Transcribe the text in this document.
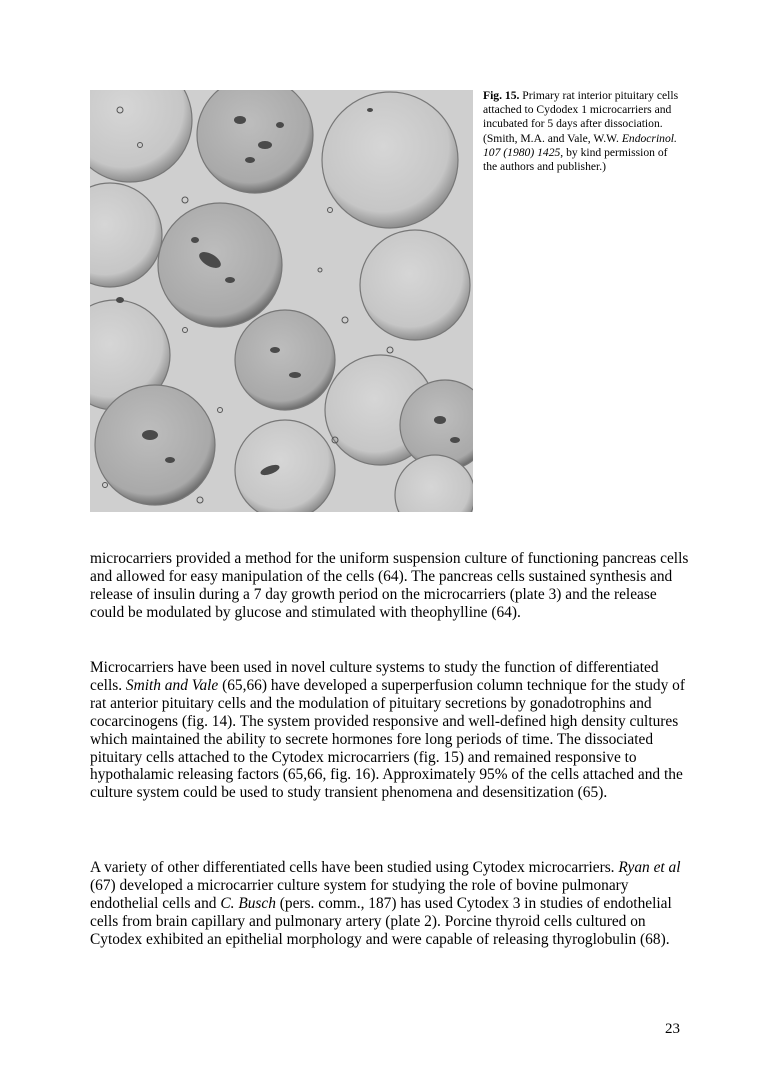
Fig. 15. Primary rat interior pituitary cells attached to Cydodex 1 microcarriers and incubated for 5 days after dissociation. (Smith, M.A. and Vale, W.W. Endocrinol. 107 (1980) 1425, by kind permission of the authors and publisher.)
microcarriers provided a method for the uniform suspension culture of functioning pancreas cells and allowed for easy manipulation of the cells (64). The pancreas cells sustained synthesis and release of insulin during a 7 day growth period on the microcarriers (plate 3) and the release could be modulated by glucose and stimulated with theophylline (64).
Microcarriers have been used in novel culture systems to study the function of differentiated cells. Smith and Vale (65,66) have developed a superperfusion column technique for the study of rat anterior pituitary cells and the modulation of pituitary secretions by gonadotrophins and cocarcinogens (fig. 14). The system provided responsive and well-defined high density cultures which maintained the ability to secrete hormones fore long periods of time. The dissociated pituitary cells attached to the Cytodex microcarriers (fig. 15) and remained responsive to hypothalamic releasing factors (65,66, fig. 16). Approximately 95% of the cells attached and the culture system could be used to study transient phenomena and desensitization (65).
A variety of other differentiated cells have been studied using Cytodex microcarriers. Ryan et al (67) developed a microcarrier culture system for studying the role of bovine pulmonary endothelial cells and C. Busch (pers. comm., 187) has used Cytodex 3 in studies of endothelial cells from brain capillary and pulmonary artery (plate 2). Porcine thyroid cells cultured on Cytodex exhibited an epithelial morphology and were capable of releasing thyroglobulin (68).
23
